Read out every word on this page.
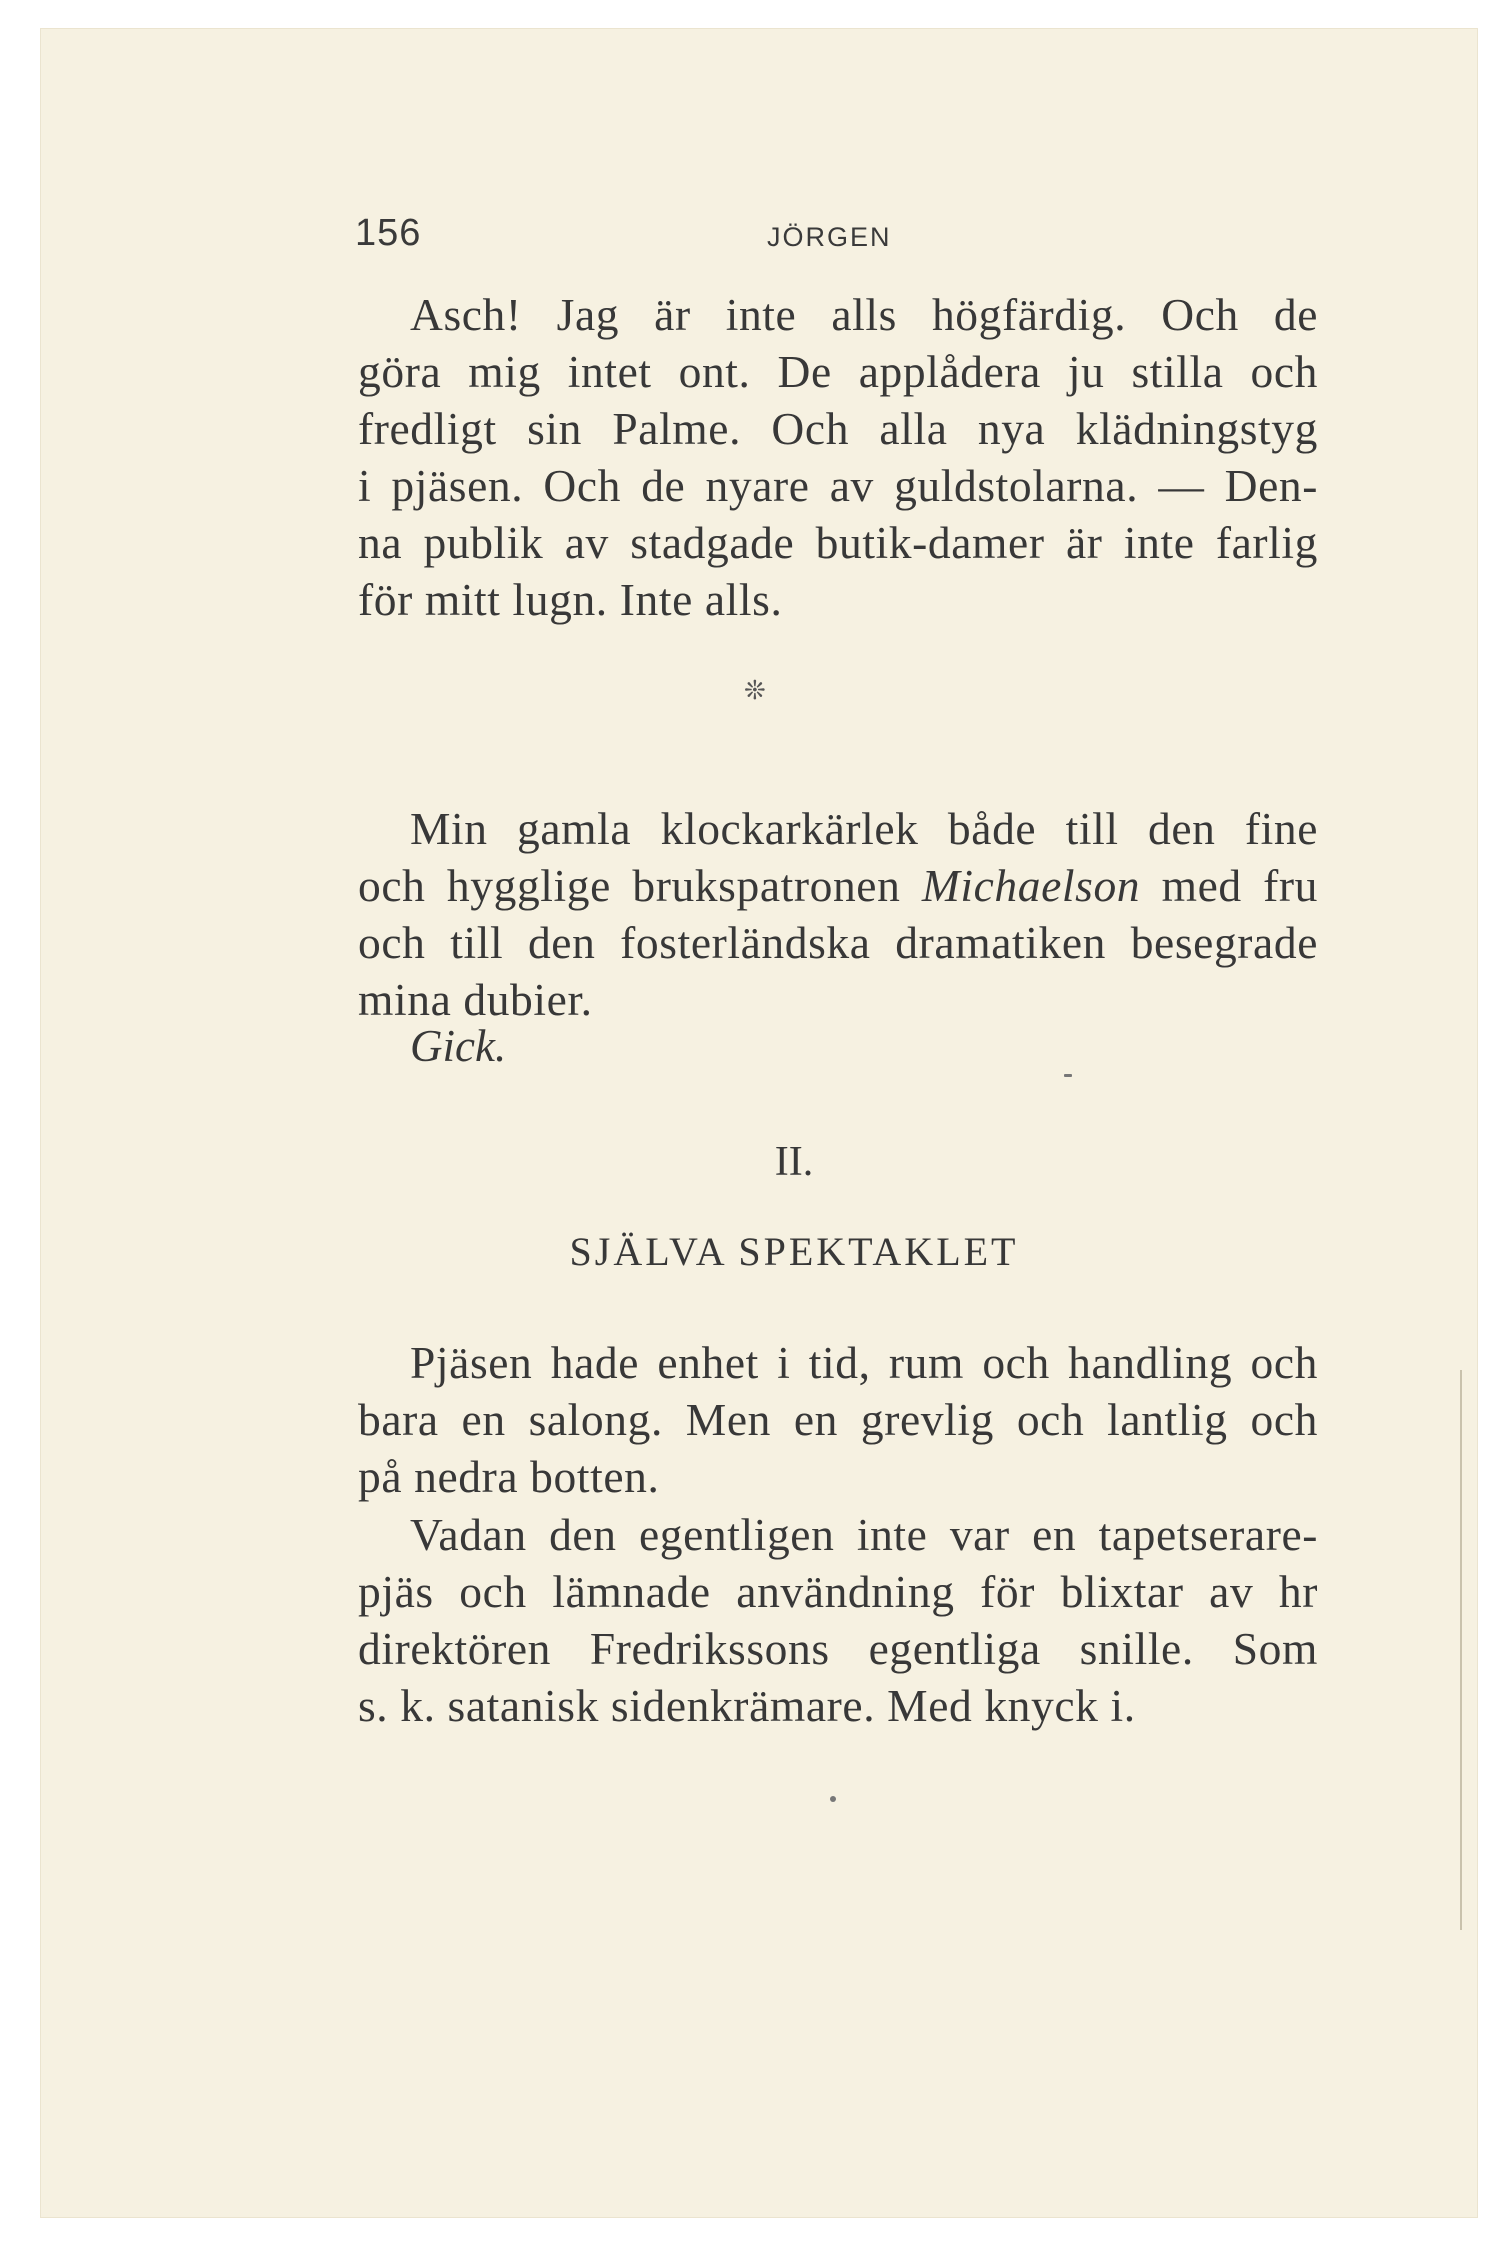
156	JÖRGEN
Asch! Jag är inte alls högfärdig. Och de
göra mig intet ont. De applådera ju stilla och
fredligt sin Palme. Och alla nya klädningstyg
i pjäsen. Och de nyare av guldstolarna. — Den-
na publik av stadgade butik-damer är inte farlig
för mitt lugn. Inte alls.
❊
Min gamla klockarkärlek både till den fine
och hygglige brukspatronen Michaelson med fru
och till den fosterländska dramatiken besegrade
mina dubier.
Gick.
II.
SJÄLVA SPEKTAKLET
Pjäsen hade enhet i tid, rum och handling och
bara en salong. Men en grevlig och lantlig och
på nedra botten.
Vadan den egentligen inte var en tapetserare-
pjäs och lämnade användning för blixtar av hr
direktören Fredrikssons egentliga snille. Som
s. k. satanisk sidenkrämare. Med knyck i.
